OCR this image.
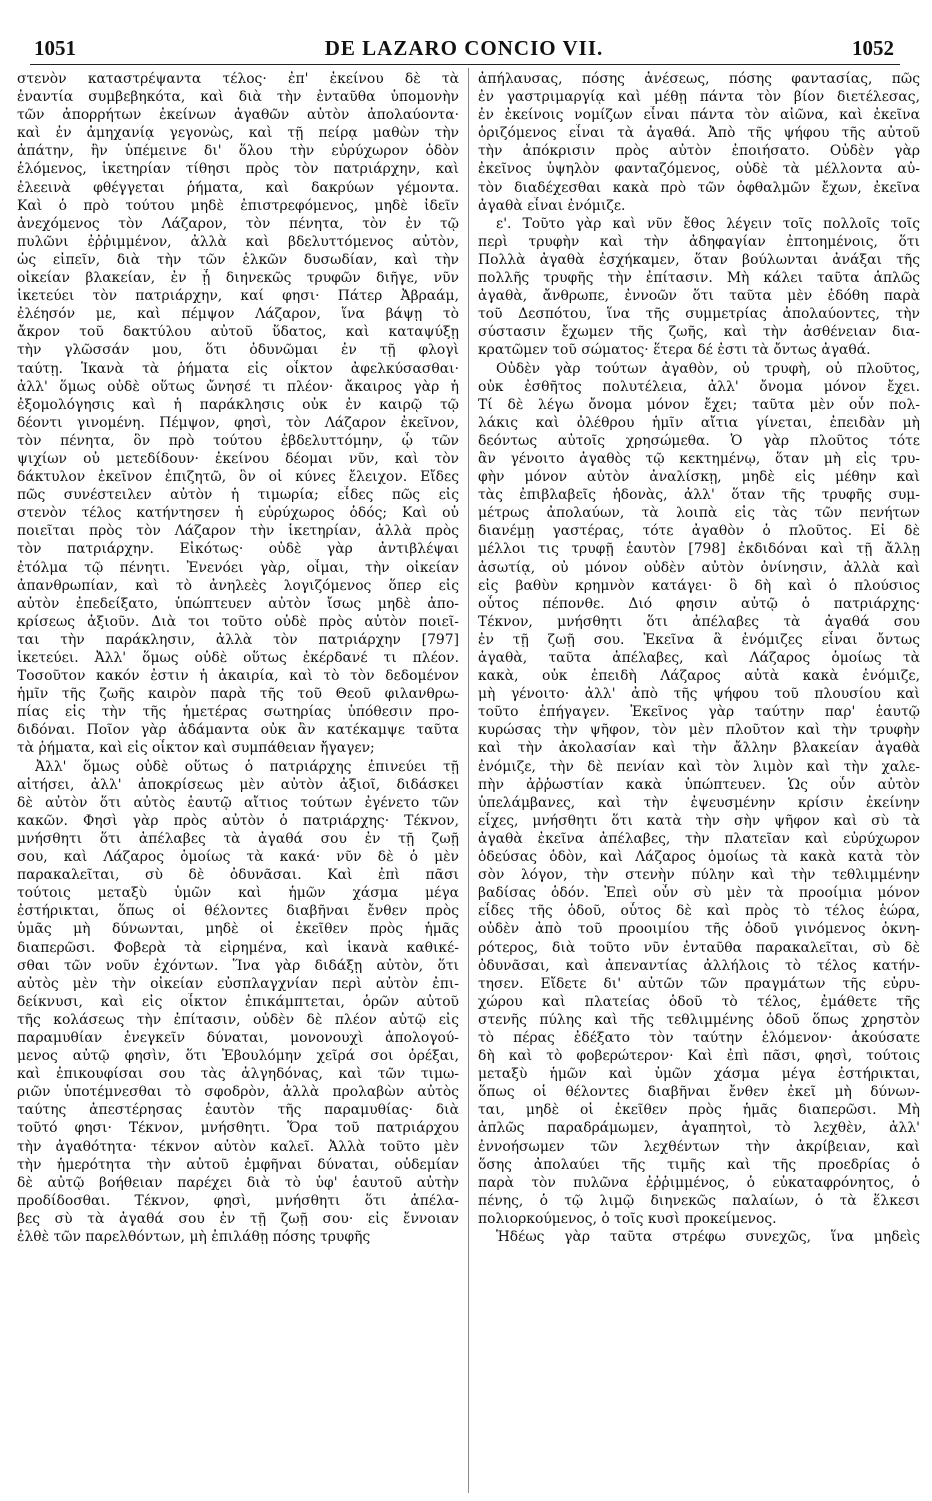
1051	DE LAZARO CONCIO VII.	1052
στενὸν καταστρέψαντα τέλος· ἐπ' ἐκείνου δὲ τὰ
ἐναντία συμβεβηκότα, καὶ διὰ τὴν ἐνταῦθα ὑπομονὴν
τῶν ἀπορρήτων ἐκείνων ἀγαθῶν αὐτὸν ἀπολαύοντα·
καὶ ἐν ἀμηχανίᾳ γεγονὼς, καὶ τῇ πείρᾳ μαθὼν τὴν
ἀπάτην, ἣν ὑπέμεινε δι' ὅλου τὴν εὐρύχωρον ὁδὸν
ἑλόμενος, ἱκετηρίαν τίθησι πρὸς τὸν πατριάρχην, καὶ
ἐλεεινὰ φθέγγεται ῥήματα, καὶ δακρύων γέμοντα.
Καὶ ὁ πρὸ τούτου μηδὲ ἐπιστρεφόμενος, μηδὲ ἰδεῖν
ἀνεχόμενος τὸν Λάζαρον, τὸν πένητα, τὸν ἐν τῷ
πυλῶνι ἐῤῥιμμένον, ἀλλὰ καὶ βδελυττόμενος αὐτὸν,
ὡς εἰπεῖν, διὰ τὴν τῶν ἑλκῶν δυσωδίαν, καὶ τὴν
οἰκείαν βλακείαν, ἐν ᾗ διηνεκῶς τρυφῶν διῆγε, νῦν
ἱκετεύει τὸν πατριάρχην, καί φησι· Πάτερ Ἀβραάμ,
ἐλέησόν με, καὶ πέμψον Λάζαρον, ἵνα βάψῃ τὸ
ἄκρον τοῦ δακτύλου αὐτοῦ ὕδατος, καὶ καταψύξῃ
τὴν γλῶσσάν μου, ὅτι ὀδυνῶμαι ἐν τῇ φλογὶ
ταύτῃ. Ἱκανὰ τὰ ῥήματα εἰς οἶκτον ἀφελκύσασθαι·
ἀλλ' ὅμως οὐδὲ οὕτως ὤνησέ τι πλέον· ἄκαιρος γὰρ ἡ
ἐξομολόγησις καὶ ἡ παράκλησις οὐκ ἐν καιρῷ τῷ
δέοντι γινομένη. Πέμψον, φησὶ, τὸν Λάζαρον ἐκεῖνον,
τὸν πένητα, ὃν πρὸ τούτου ἐβδελυττόμην, ᾧ τῶν
ψιχίων οὐ μετεδίδουν· ἐκείνου δέομαι νῦν, καὶ τὸν
δάκτυλον ἐκεῖνον ἐπιζητῶ, ὃν οἱ κύνες ἔλειχον. Εἴδες
πῶς συνέστειλεν αὐτὸν ἡ τιμωρία; εἶδες πῶς εἰς
στενὸν τέλος κατήντησεν ἡ εὐρύχωρος ὁδός; Καὶ οὐ
ποιεῖται πρὸς τὸν Λάζαρον τὴν ἱκετηρίαν, ἀλλὰ πρὸς
τὸν πατριάρχην. Εἰκότως· οὐδὲ γὰρ ἀντιβλέψαι
ἐτόλμα τῷ πένητι. Ἐνενόει γὰρ, οἶμαι, τὴν οἰκείαν
ἀπανθρωπίαν, καὶ τὸ ἀνηλεὲς λογιζόμενος ὅπερ εἰς
αὐτὸν ἐπεδείξατο, ὑπώπτευεν αὐτὸν ἴσως μηδὲ ἀπο-
κρίσεως ἀξιοῦν. Διὰ τοι τοῦτο οὐδὲ πρὸς αὐτὸν ποιεῖ-
ται τὴν παράκλησιν, ἀλλὰ τὸν πατριάρχην [797]
ἱκετεύει. Ἀλλ' ὅμως οὐδὲ οὕτως ἐκέρδανέ τι πλέον.
Τοσοῦτον κακόν ἐστιν ἡ ἀκαιρία, καὶ τὸ τὸν δεδομένον
ἡμῖν τῆς ζωῆς καιρὸν παρὰ τῆς τοῦ Θεοῦ φιλανθρω-
πίας εἰς τὴν τῆς ἡμετέρας σωτηρίας ὑπόθεσιν προ-
διδόναι. Ποῖον γὰρ ἀδάμαντα οὐκ ἂν κατέκαμψε ταῦτα
τὰ ῥήματα, καὶ εἰς οἶκτον καὶ συμπάθειαν ἤγαγεν;
Ἀλλ' ὅμως οὐδὲ οὕτως ὁ πατριάρχης ἐπινεύει τῇ
αἰτήσει, ἀλλ' ἀποκρίσεως μὲν αὐτὸν ἀξιοῖ, διδάσκει
δὲ αὐτὸν ὅτι αὐτὸς ἑαυτῷ αἴτιος τούτων ἐγένετο τῶν
κακῶν. Φησὶ γὰρ πρὸς αὐτὸν ὁ πατριάρχης· Τέκνον,
μνήσθητι ὅτι ἀπέλαβες τὰ ἀγαθά σου ἐν τῇ ζωῇ
σου, καὶ Λάζαρος ὁμοίως τὰ κακά· νῦν δὲ ὁ μὲν
παρακαλεῖται, σὺ δὲ ὀδυνᾶσαι. Καὶ ἐπὶ πᾶσι
τούτοις μεταξὺ ὑμῶν καὶ ἡμῶν χάσμα μέγα
ἐστήρικται, ὅπως οἱ θέλοντες διαβῆναι ἔνθεν πρὸς
ὑμᾶς μὴ δύνωνται, μηδὲ οἱ ἐκεῖθεν πρὸς ἡμᾶς
διαπερῶσι. Φοβερὰ τὰ εἰρημένα, καὶ ἱκανὰ καθικέ-
σθαι τῶν νοῦν ἐχόντων. Ἵνα γὰρ διδάξῃ αὐτὸν, ὅτι
αὐτὸς μὲν τὴν οἰκείαν εὐσπλαγχνίαν περὶ αὐτὸν ἐπι-
δείκνυσι, καὶ εἰς οἶκτον ἐπικάμπτεται, ὁρῶν αὐτοῦ
τῆς κολάσεως τὴν ἐπίτασιν, οὐδὲν δὲ πλέον αὐτῷ εἰς
παραμυθίαν ἐνεγκεῖν δύναται, μονονουχὶ ἀπολογού-
μενος αὐτῷ φησὶν, ὅτι Ἐβουλόμην χεῖρά σοι ὀρέξαι,
καὶ ἐπικουφίσαι σου τὰς ἀλγηδόνας, καὶ τῶν τιμω-
ριῶν ὑποτέμνεσθαι τὸ σφοδρὸν, ἀλλὰ προλαβὼν αὐτὸς
ταύτης ἀπεστέρησας ἑαυτὸν τῆς παραμυθίας· διὰ
τοῦτό φησι· Τέκνον, μνήσθητι. Ὅρα τοῦ πατριάρχου
τὴν ἀγαθότητα· τέκνον αὐτὸν καλεῖ. Ἀλλὰ τοῦτο μὲν
τὴν ἡμερότητα τὴν αὐτοῦ ἐμφῆναι δύναται, οὐδεμίαν
δὲ αὐτῷ βοήθειαν παρέχει διὰ τὸ ὑφ' ἑαυτοῦ αὐτὴν
προδίδοσθαι. Τέκνον, φησὶ, μνήσθητι ὅτι ἀπέλα-
βες σὺ τὰ ἀγαθά σου ἐν τῇ ζωῇ σου· εἰς ἔννοιαν
ἐλθὲ τῶν παρελθόντων, μὴ ἐπιλάθῃ πόσης τρυφῆς
ἀπήλαυσας, πόσης ἀνέσεως, πόσης φαντασίας, πῶς
ἐν γαστριμαργίᾳ καὶ μέθῃ πάντα τὸν βίον διετέλεσας,
ἐν ἐκείνοις νομίζων εἶναι πάντα τὸν αἰῶνα, καὶ ἐκεῖνα
ὁριζόμενος εἶναι τὰ ἀγαθά. Ἀπὸ τῆς ψήφου τῆς αὐτοῦ
τὴν ἀπόκρισιν πρὸς αὐτὸν ἐποιήσατο. Οὐδὲν γὰρ
ἐκεῖνος ὑψηλὸν φανταζόμενος, οὐδὲ τὰ μέλλοντα αὐ-
τὸν διαδέχεσθαι κακὰ πρὸ τῶν ὀφθαλμῶν ἔχων, ἐκεῖνα
ἀγαθὰ εἶναι ἐνόμιζε.
ε'. Τοῦτο γὰρ καὶ νῦν ἔθος λέγειν τοῖς πολλοῖς τοῖς
περὶ τρυφὴν καὶ τὴν ἀδηφαγίαν ἐπτοημένοις, ὅτι
Πολλὰ ἀγαθὰ ἐσχήκαμεν, ὅταν βούλωνται ἀνάξαι τῆς
πολλῆς τρυφῆς τὴν ἐπίτασιν. Μὴ κάλει ταῦτα ἁπλῶς
ἀγαθὰ, ἄνθρωπε, ἐννοῶν ὅτι ταῦτα μὲν ἐδόθη παρὰ
τοῦ Δεσπότου, ἵνα τῆς συμμετρίας ἀπολαύοντες, τὴν
σύστασιν ἔχωμεν τῆς ζωῆς, καὶ τὴν ἀσθένειαν δια-
κρατῶμεν τοῦ σώματος· ἕτερα δέ ἐστι τὰ ὄντως ἀγαθά.
Οὐδὲν γὰρ τούτων ἀγαθὸν, οὐ τρυφὴ, οὐ πλοῦτος,
οὐκ ἐσθῆτος πολυτέλεια, ἀλλ' ὄνομα μόνον ἔχει.
Τί δὲ λέγω ὄνομα μόνον ἔχει; ταῦτα μὲν οὖν πολ-
λάκις καὶ ὀλέθρου ἡμῖν αἴτια γίνεται, ἐπειδὰν μὴ
δεόντως αὐτοῖς χρησώμεθα. Ὁ γὰρ πλοῦτος τότε
ἂν γένοιτο ἀγαθὸς τῷ κεκτημένῳ, ὅταν μὴ εἰς τρυ-
φὴν μόνον αὐτὸν ἀναλίσκῃ, μηδὲ εἰς μέθην καὶ
τὰς ἐπιβλαβεῖς ἡδονὰς, ἀλλ' ὅταν τῆς τρυφῆς συμ-
μέτρως ἀπολαύων, τὰ λοιπὰ εἰς τὰς τῶν πενήτων
διανέμῃ γαστέρας, τότε ἀγαθὸν ὁ πλοῦτος. Εἰ δὲ
μέλλοι τις τρυφῇ ἑαυτὸν [798] ἐκδιδόναι καὶ τῇ ἄλλῃ
ἀσωτίᾳ, οὐ μόνον οὐδὲν αὐτὸν ὀνίνησιν, ἀλλὰ καὶ
εἰς βαθὺν κρημνὸν κατάγει· ὃ δὴ καὶ ὁ πλούσιος
οὗτος πέπονθε. Διό φησιν αὐτῷ ὁ πατριάρχης·
Τέκνον, μνήσθητι ὅτι ἀπέλαβες τὰ ἀγαθά σου
ἐν τῇ ζωῇ σου. Ἐκεῖνα ἃ ἐνόμιζες εἶναι ὄντως
ἀγαθὰ, ταῦτα ἀπέλαβες, καὶ Λάζαρος ὁμοίως τὰ
κακὰ, οὐκ ἐπειδὴ Λάζαρος αὐτὰ κακὰ ἐνόμιζε,
μὴ γένοιτο· ἀλλ' ἀπὸ τῆς ψήφου τοῦ πλουσίου καὶ
τοῦτο ἐπήγαγεν. Ἐκεῖνος γὰρ ταύτην παρ' ἑαυτῷ
κυρώσας τὴν ψῆφον, τὸν μὲν πλοῦτον καὶ τὴν τρυφὴν
καὶ τὴν ἀκολασίαν καὶ τὴν ἄλλην βλακείαν ἀγαθὰ
ἐνόμιζε, τὴν δὲ πενίαν καὶ τὸν λιμὸν καὶ τὴν χαλε-
πὴν ἀῤῥωστίαν κακὰ ὑπώπτευεν. Ὡς οὖν αὐτὸν
ὑπελάμβανες, καὶ τὴν ἐψευσμένην κρίσιν ἐκείνην
εἶχες, μνήσθητι ὅτι κατὰ τὴν σὴν ψῆφον καὶ σὺ τὰ
ἀγαθὰ ἐκεῖνα ἀπέλαβες, τὴν πλατεῖαν καὶ εὐρύχωρον
ὁδεύσας ὁδὸν, καὶ Λάζαρος ὁμοίως τὰ κακὰ κατὰ τὸν
σὸν λόγον, τὴν στενὴν πύλην καὶ τὴν τεθλιμμένην
βαδίσας ὁδόν. Ἐπεὶ οὖν σὺ μὲν τὰ προοίμια μόνον
εἶδες τῆς ὁδοῦ, οὗτος δὲ καὶ πρὸς τὸ τέλος ἑώρα,
οὐδὲν ἀπὸ τοῦ προοιμίου τῆς ὁδοῦ γινόμενος ὀκνη-
ρότερος, διὰ τοῦτο νῦν ἐνταῦθα παρακαλεῖται, σὺ δὲ
ὀδυνᾶσαι, καὶ ἀπεναντίας ἀλλήλοις τὸ τέλος κατήν-
τησεν. Εἴδετε δι' αὐτῶν τῶν πραγμάτων τῆς εὐρυ-
χώρου καὶ πλατείας ὁδοῦ τὸ τέλος, ἐμάθετε τῆς
στενῆς πύλης καὶ τῆς τεθλιμμένης ὁδοῦ ὅπως χρηστὸν
τὸ πέρας ἐδέξατο τὸν ταύτην ἑλόμενον· ἀκούσατε
δὴ καὶ τὸ φοβερώτερον· Καὶ ἐπὶ πᾶσι, φησὶ, τούτοις
μεταξὺ ἡμῶν καὶ ὑμῶν χάσμα μέγα ἐστήρικται,
ὅπως οἱ θέλοντες διαβῆναι ἔνθεν ἐκεῖ μὴ δύνων-
ται, μηδὲ οἱ ἐκεῖθεν πρὸς ἡμᾶς διαπερῶσι. Μὴ
ἁπλῶς παραδράμωμεν, ἀγαπητοὶ, τὸ λεχθὲν, ἀλλ'
ἐννοήσωμεν τῶν λεχθέντων τὴν ἀκρίβειαν, καὶ
ὅσης ἀπολαύει τῆς τιμῆς καὶ τῆς προεδρίας ὁ
παρὰ τὸν πυλῶνα ἐῤῥιμμένος, ὁ εὐκαταφρόνητος, ὁ
πένης, ὁ τῷ λιμῷ διηνεκῶς παλαίων, ὁ τὰ ἕλκεσι
πολιορκούμενος, ὁ τοῖς κυσὶ προκείμενος.
Ἡδέως γὰρ ταῦτα στρέφω συνεχῶς, ἵνα μηδεὶς
